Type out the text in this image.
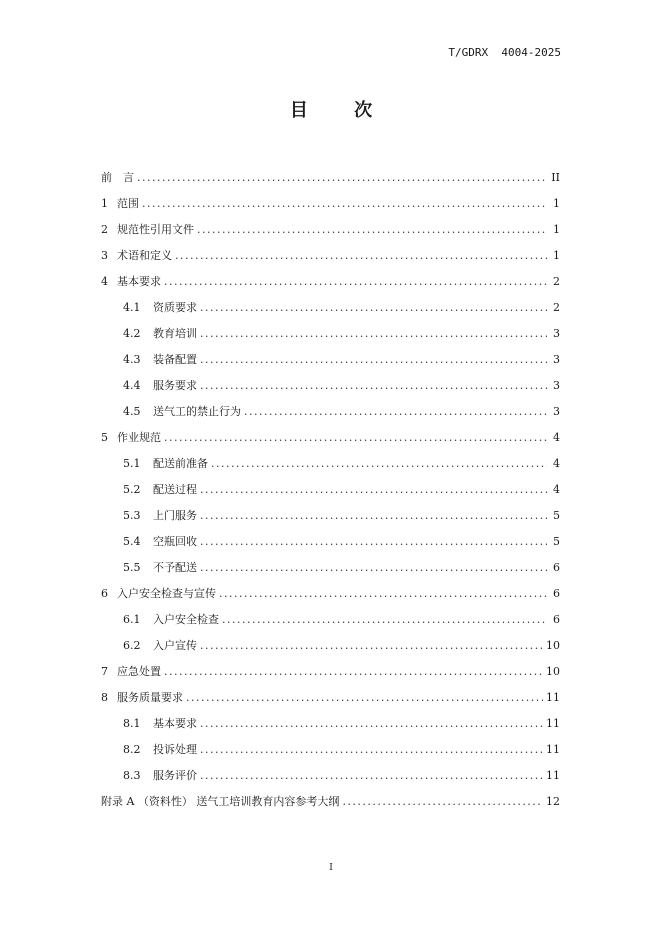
T/GDRX  4004-2025
目 次
前　言 .....	II
1 范围 .....	1
2 规范性引用文件 .....	1
3 术语和定义 .....	1
4 基本要求 .....	2
4.1	资质要求 .....	2
4.2	教育培训 .....	3
4.3	装备配置 .....	3
4.4	服务要求 .....	3
4.5	送气工的禁止行为 .....	3
5 作业规范 .....	4
5.1	配送前准备 .....	4
5.2	配送过程 .....	4
5.3	上门服务 .....	5
5.4	空瓶回收 .....	5
5.5	不予配送 .....	6
6 入户安全检查与宣传 .....	6
6.1	入户安全检查 .....	6
6.2	入户宣传 .....	10
7 应急处置 .....	10
8 服务质量要求 .....	11
8.1	基本要求 .....	11
8.2	投诉处理 .....	11
8.3	服务评价 .....	11
附录 A （资料性） 送气工培训教育内容参考大纲 .....	12
I
